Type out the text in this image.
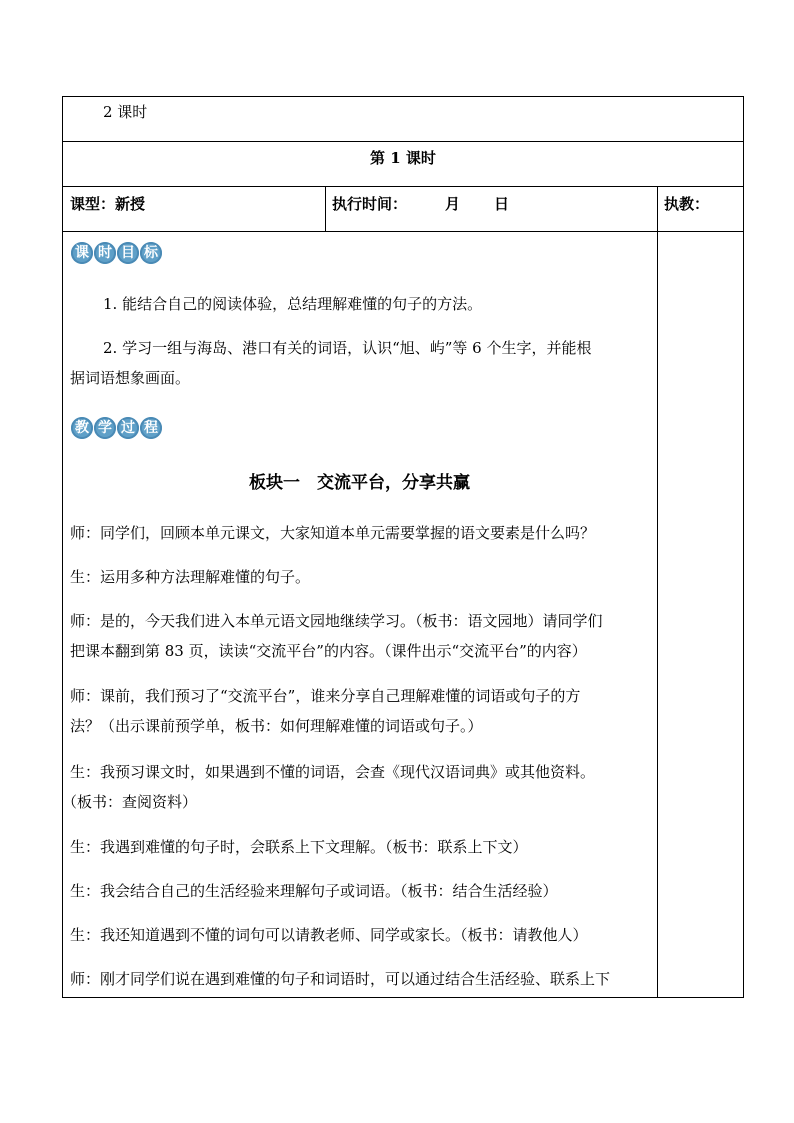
2 课时
第 1 课时
课型：新授	执行时间：	月 日	执教：
课 时 目 标
1. 能结合自己的阅读体验，总结理解难懂的句子的方法。
2. 学习一组与海岛、港口有关的词语，认识“旭、屿”等 6 个生字，并能根
据词语想象画面。
教 学 过 程
板块一　交流平台，分享共赢
师：同学们，回顾本单元课文，大家知道本单元需要掌握的语文要素是什么吗？
生：运用多种方法理解难懂的句子。
师：是的，今天我们进入本单元语文园地继续学习。（板书：语文园地）请同学们
把课本翻到第 83 页，读读“交流平台”的内容。（课件出示“交流平台”的内容）
师：课前，我们预习了“交流平台”，谁来分享自己理解难懂的词语或句子的方
法？（出示课前预学单，板书：如何理解难懂的词语或句子。）
生：我预习课文时，如果遇到不懂的词语，会查《现代汉语词典》或其他资料。
（板书：查阅资料）
生：我遇到难懂的句子时，会联系上下文理解。（板书：联系上下文）
生：我会结合自己的生活经验来理解句子或词语。（板书：结合生活经验）
生：我还知道遇到不懂的词句可以请教老师、同学或家长。（板书：请教他人）
师：刚才同学们说在遇到难懂的句子和词语时，可以通过结合生活经验、联系上下
